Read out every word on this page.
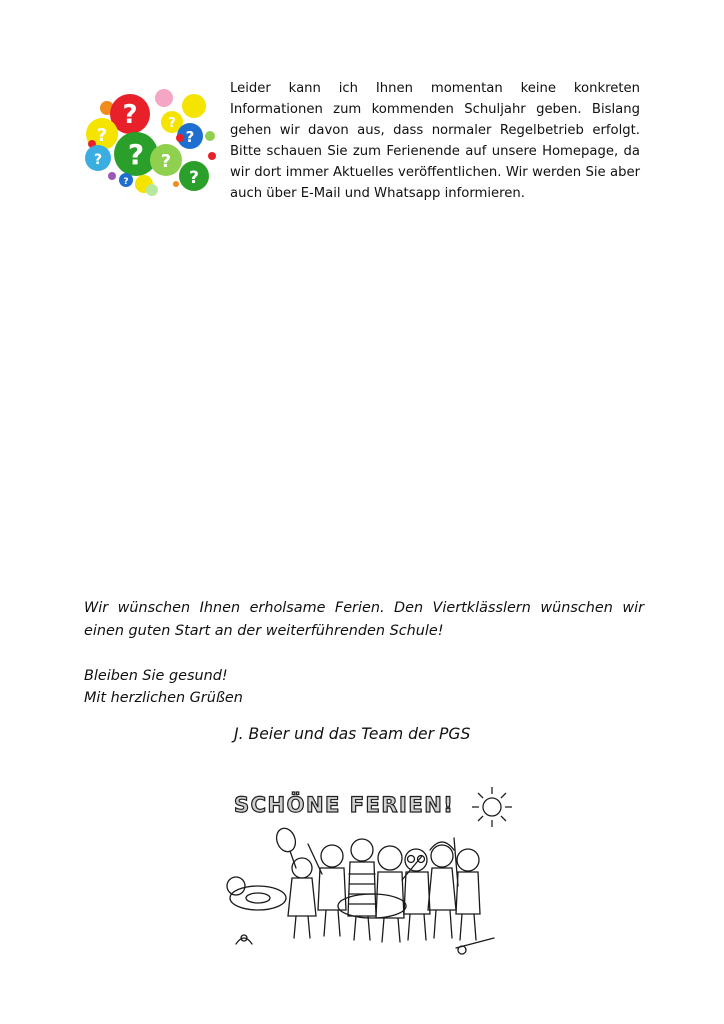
? ?
?	?
? ?
?
?
?

Leider kann ich Ihnen momentan keine konkreten Informationen zum kommenden Schuljahr geben. Bislang gehen wir davon aus, dass normaler Regelbetrieb erfolgt. Bitte schauen Sie zum Ferienende auf unsere Homepage, da wir dort immer Aktuelles veröffentlichen. Wir werden Sie aber auch über E-Mail und Whatsapp informieren.

Wir wünschen Ihnen erholsame Ferien. Den Viertklässlern wünschen wir einen guten Start an der weiterführenden Schule!

Bleiben Sie gesund!

Mit herzlichen Grüßen

J. Beier und das Team der PGS

SCHÖNE FERIEN!
